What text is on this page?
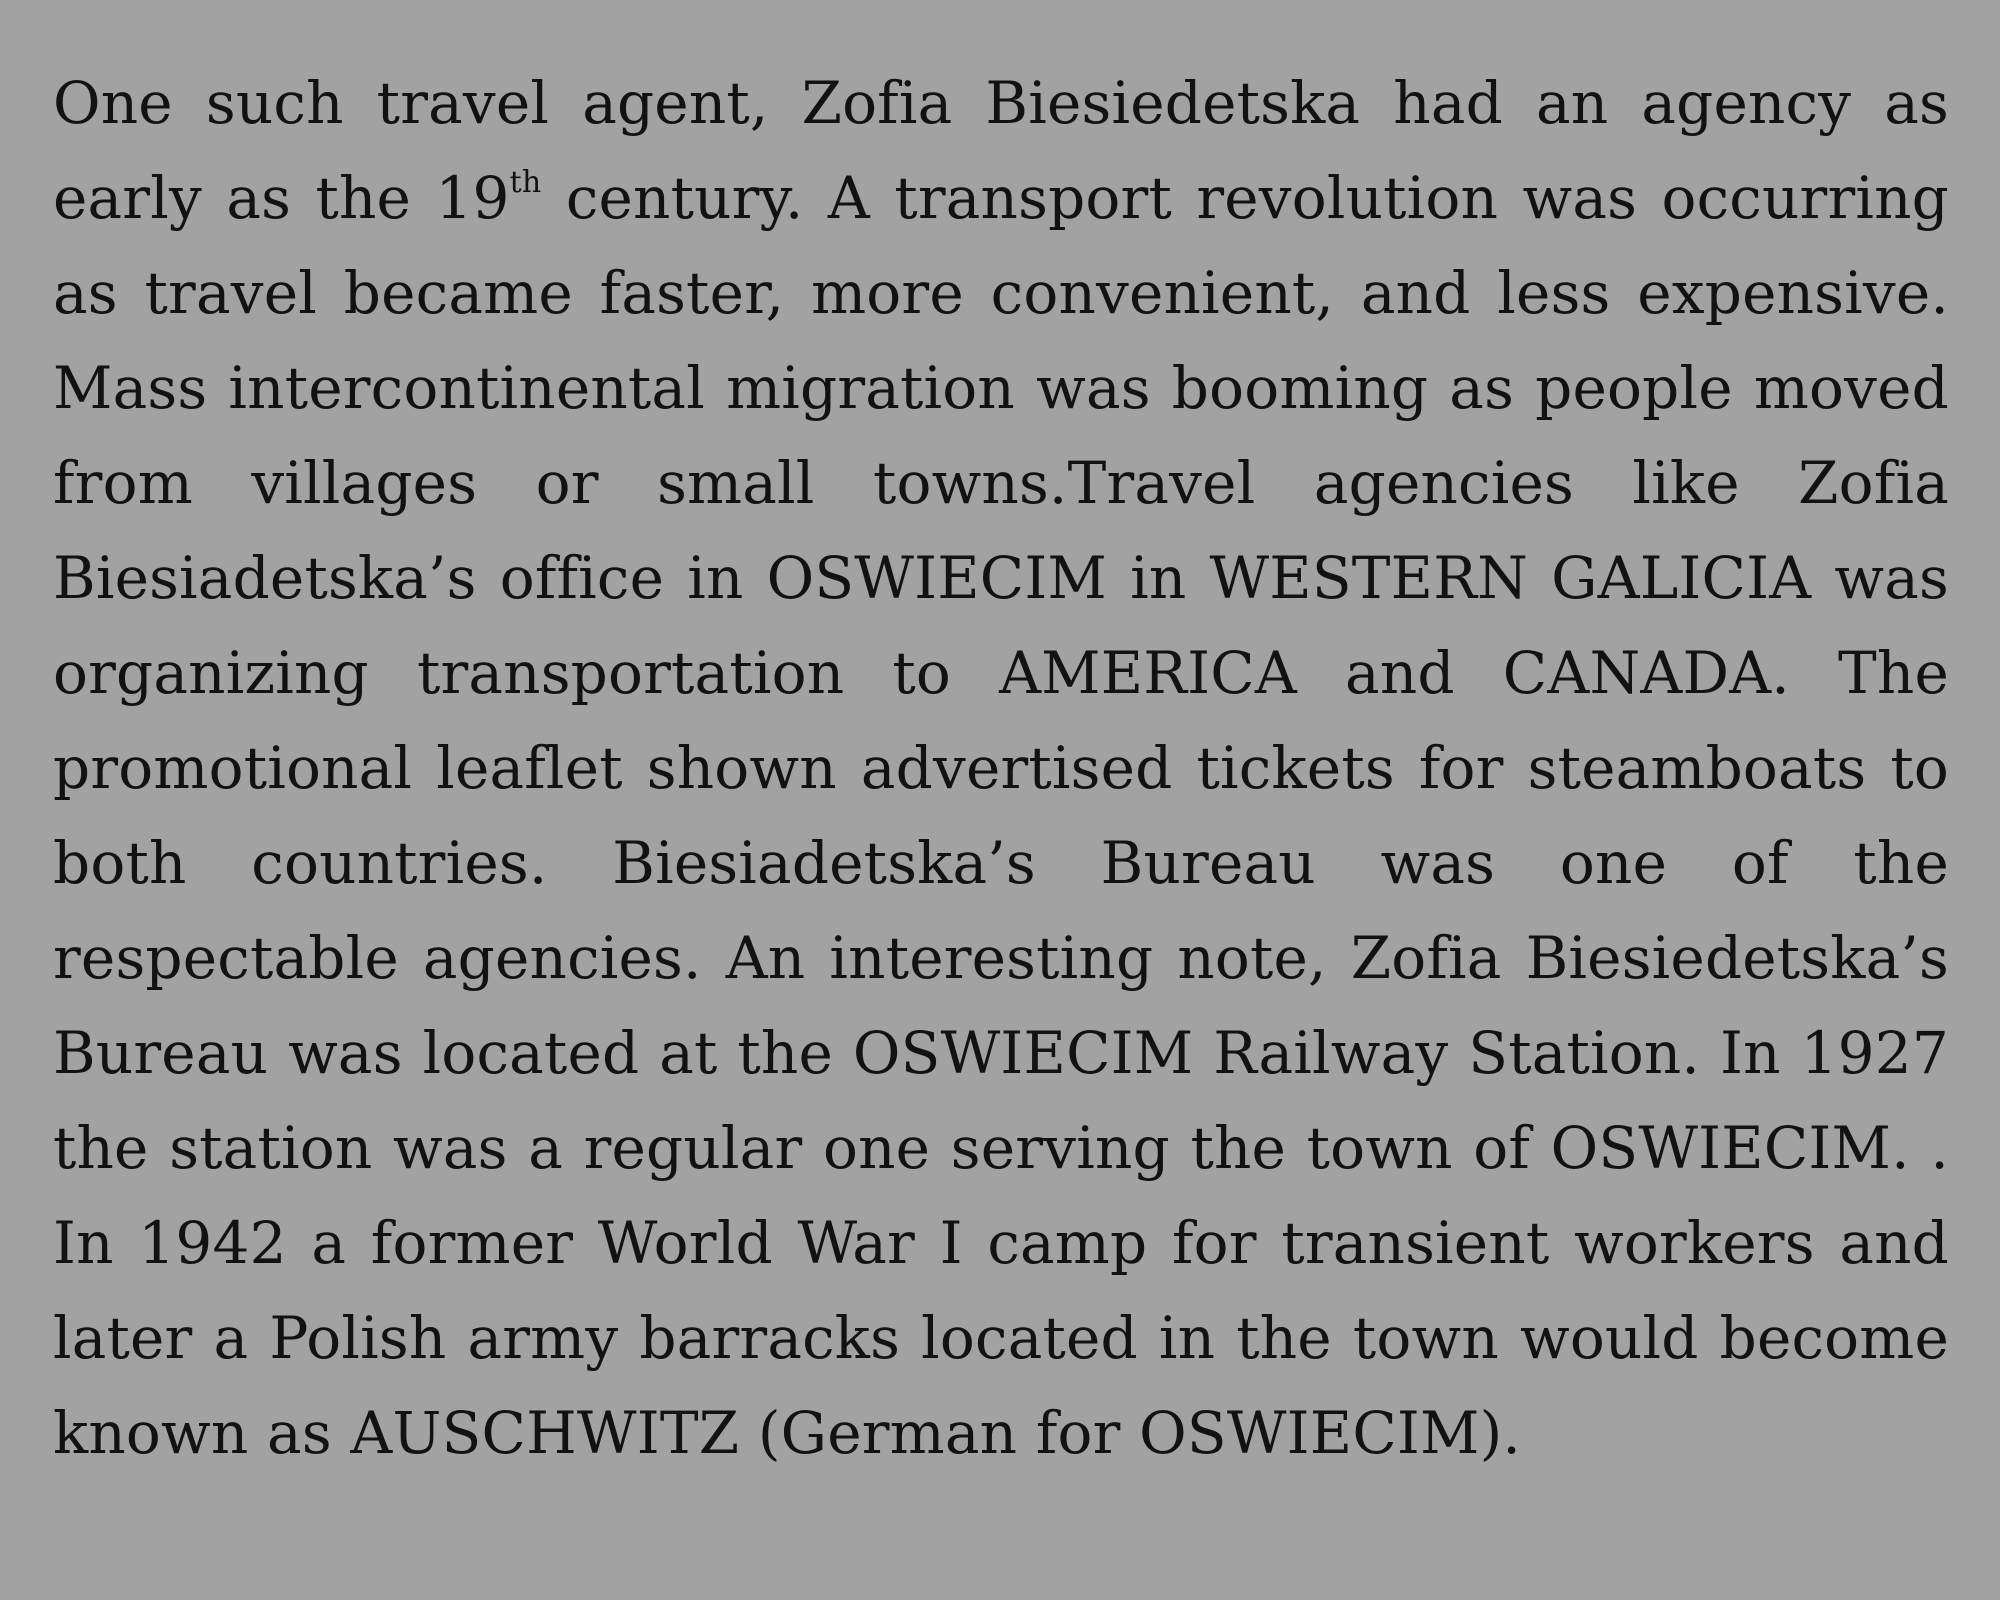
One such travel agent, Zofia Biesiedetska had an agency as early as the 19th century. A transport revolution was occurring as travel became faster, more convenient, and less expensive. Mass intercontinental migration was booming as people moved from villages or small towns.Travel agencies like Zofia Biesiadetska’s office in OSWIECIM in WESTERN GALICIA was organizing transportation to AMERICA and CANADA. The promotional leaflet shown advertised tickets for steamboats to both countries. Biesiadetska’s Bureau was one of the respectable agencies. An interesting note, Zofia Biesiedetska’s Bureau was located at the OSWIECIM Railway Station. In 1927 the station was a regular one serving the town of OSWIECIM. . In 1942 a former World War I camp for transient workers and later a Polish army barracks located in the town would become known as AUSCHWITZ (German for OSWIECIM).
